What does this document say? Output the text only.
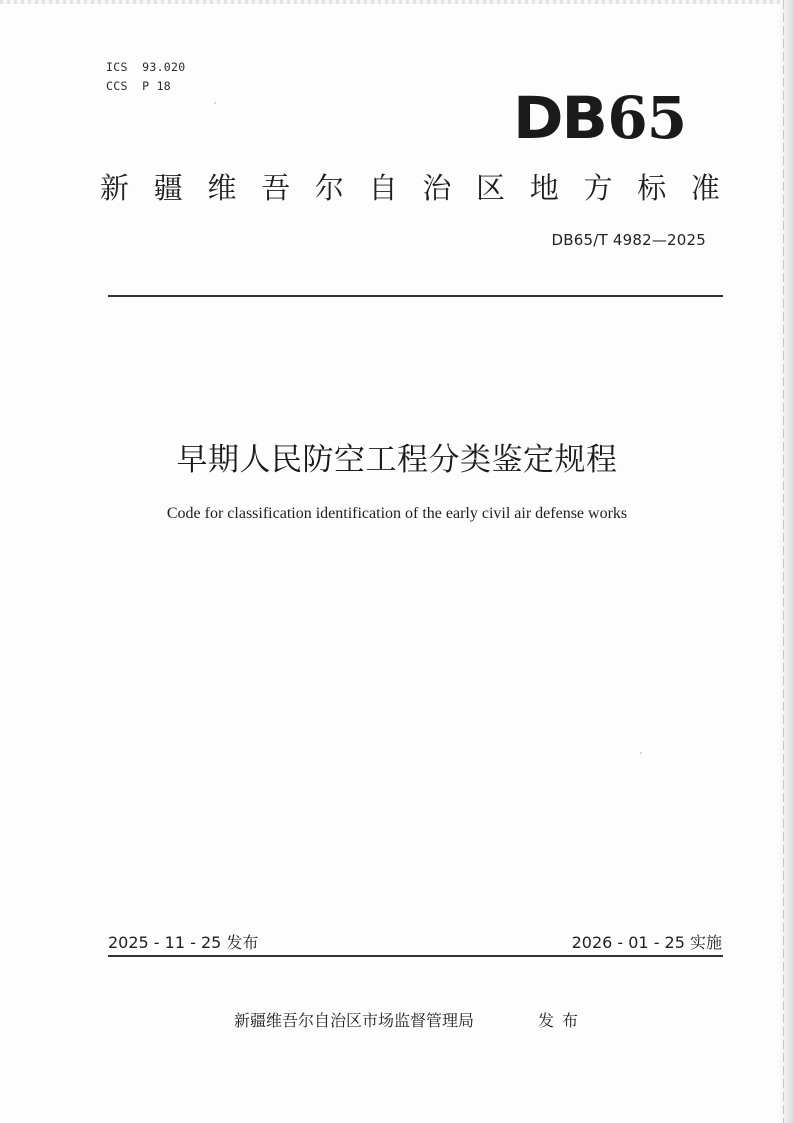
ICS  93.020
CCS  P 18	DB65
新 疆 维 吾 尔 自 治 区 地 方 标 准
DB65/T 4982—2025
早期人民防空工程分类鉴定规程
Code for classification identification of the early civil air defense works
2025 - 11 - 25 发布	2026 - 01 - 25 实施
新疆维吾尔自治区市场监督管理局	发布
